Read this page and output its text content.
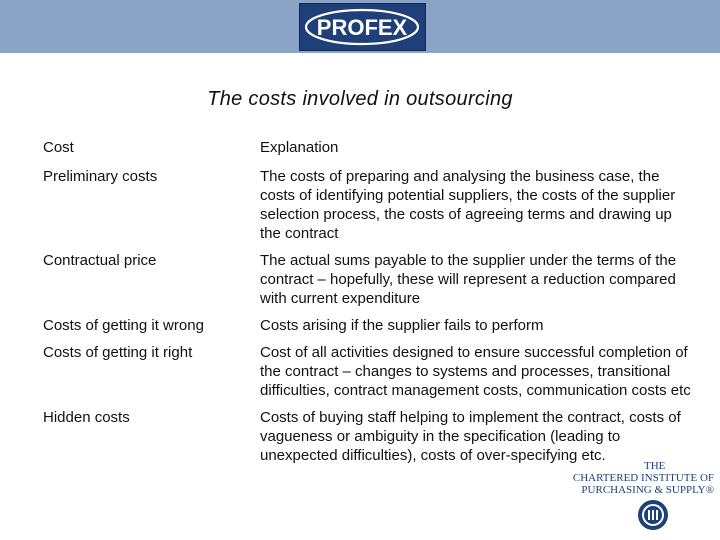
PROFEX
The costs involved in outsourcing
Cost	Explanation
Preliminary costs	The costs of preparing and analysing the business case, the costs of identifying potential suppliers, the costs of the supplier selection process, the costs of agreeing terms and drawing up the contract
Contractual price	The actual sums payable to the supplier under the terms of the contract – hopefully, these will represent a reduction compared with current expenditure
Costs of getting it wrong	Costs arising if the supplier fails to perform
Costs of getting it right	Cost of all activities designed to ensure successful completion of the contract – changes to systems and processes, transitional difficulties, contract management costs, communication costs etc
Hidden costs	Costs of buying staff helping to implement the contract, costs of vagueness or ambiguity in the specification (leading to unexpected difficulties), costs of over-specifying etc.
THE
CHARTERED INSTITUTE OF
PURCHASING & SUPPLY®
